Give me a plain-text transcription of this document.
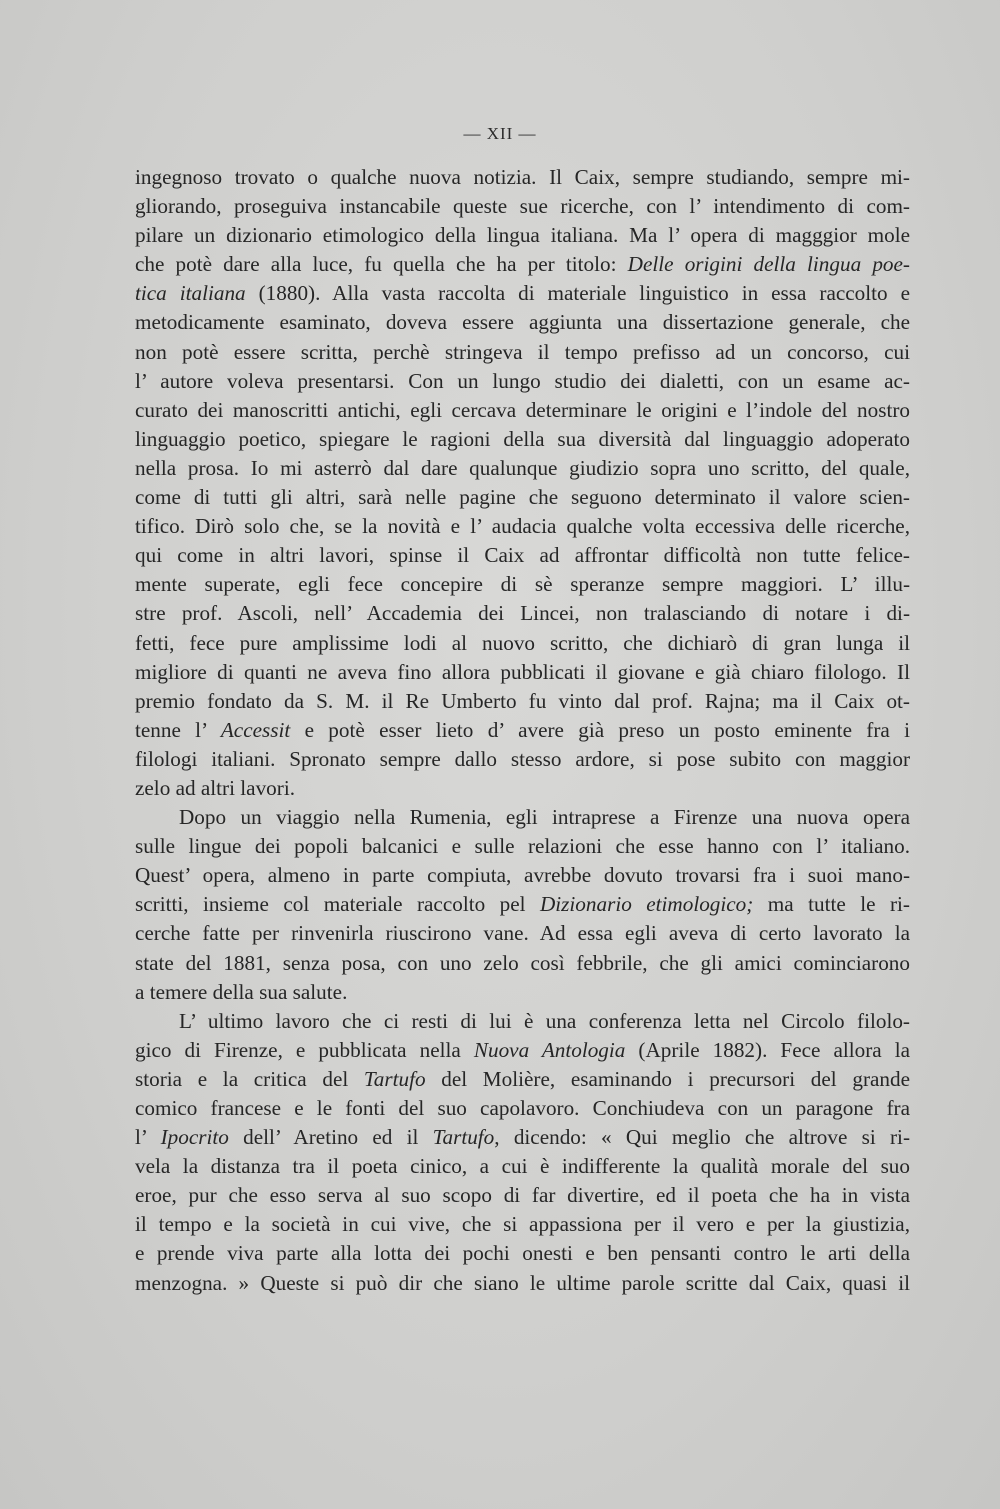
— XII —
ingegnoso trovato o qualche nuova notizia. Il Caix, sempre studiando, sempre mi-
gliorando, proseguiva instancabile queste sue ricerche, con l’ intendimento di com-
pilare un dizionario etimologico della lingua italiana. Ma l’ opera di magggior mole
che potè dare alla luce, fu quella che ha per titolo: Delle origini della lingua poe-
tica italiana (1880). Alla vasta raccolta di materiale linguistico in essa raccolto e
metodicamente esaminato, doveva essere aggiunta una dissertazione generale, che
non potè essere scritta, perchè stringeva il tempo prefisso ad un concorso, cui
l’ autore voleva presentarsi. Con un lungo studio dei dialetti, con un esame ac-
curato dei manoscritti antichi, egli cercava determinare le origini e l’indole del nostro
linguaggio poetico, spiegare le ragioni della sua diversità dal linguaggio adoperato
nella prosa. Io mi asterrò dal dare qualunque giudizio sopra uno scritto, del quale,
come di tutti gli altri, sarà nelle pagine che seguono determinato il valore scien-
tifico. Dirò solo che, se la novità e l’ audacia qualche volta eccessiva delle ricerche,
qui come in altri lavori, spinse il Caix ad affrontar difficoltà non tutte felice-
mente superate, egli fece concepire di sè speranze sempre maggiori. L’ illu-
stre prof. Ascoli, nell’ Accademia dei Lincei, non tralasciando di notare i di-
fetti, fece pure amplissime lodi al nuovo scritto, che dichiarò di gran lunga il
migliore di quanti ne aveva fino allora pubblicati il giovane e già chiaro filologo. Il
premio fondato da S. M. il Re Umberto fu vinto dal prof. Rajna; ma il Caix ot-
tenne l’ Accessit e potè esser lieto d’ avere già preso un posto eminente fra i
filologi italiani. Spronato sempre dallo stesso ardore, si pose subito con maggior
zelo ad altri lavori.
Dopo un viaggio nella Rumenia, egli intraprese a Firenze una nuova opera
sulle lingue dei popoli balcanici e sulle relazioni che esse hanno con l’ italiano.
Quest’ opera, almeno in parte compiuta, avrebbe dovuto trovarsi fra i suoi mano-
scritti, insieme col materiale raccolto pel Dizionario etimologico; ma tutte le ri-
cerche fatte per rinvenirla riuscirono vane. Ad essa egli aveva di certo lavorato la
state del 1881, senza posa, con uno zelo così febbrile, che gli amici cominciarono
a temere della sua salute.
L’ ultimo lavoro che ci resti di lui è una conferenza letta nel Circolo filolo-
gico di Firenze, e pubblicata nella Nuova Antologia (Aprile 1882). Fece allora la
storia e la critica del Tartufo del Molière, esaminando i precursori del grande
comico francese e le fonti del suo capolavoro. Conchiudeva con un paragone fra
l’ Ipocrito dell’ Aretino ed il Tartufo, dicendo: « Qui meglio che altrove si ri-
vela la distanza tra il poeta cinico, a cui è indifferente la qualità morale del suo
eroe, pur che esso serva al suo scopo di far divertire, ed il poeta che ha in vista
il tempo e la società in cui vive, che si appassiona per il vero e per la giustizia,
e prende viva parte alla lotta dei pochi onesti e ben pensanti contro le arti della
menzogna. » Queste si può dir che siano le ultime parole scritte dal Caix, quasi il
